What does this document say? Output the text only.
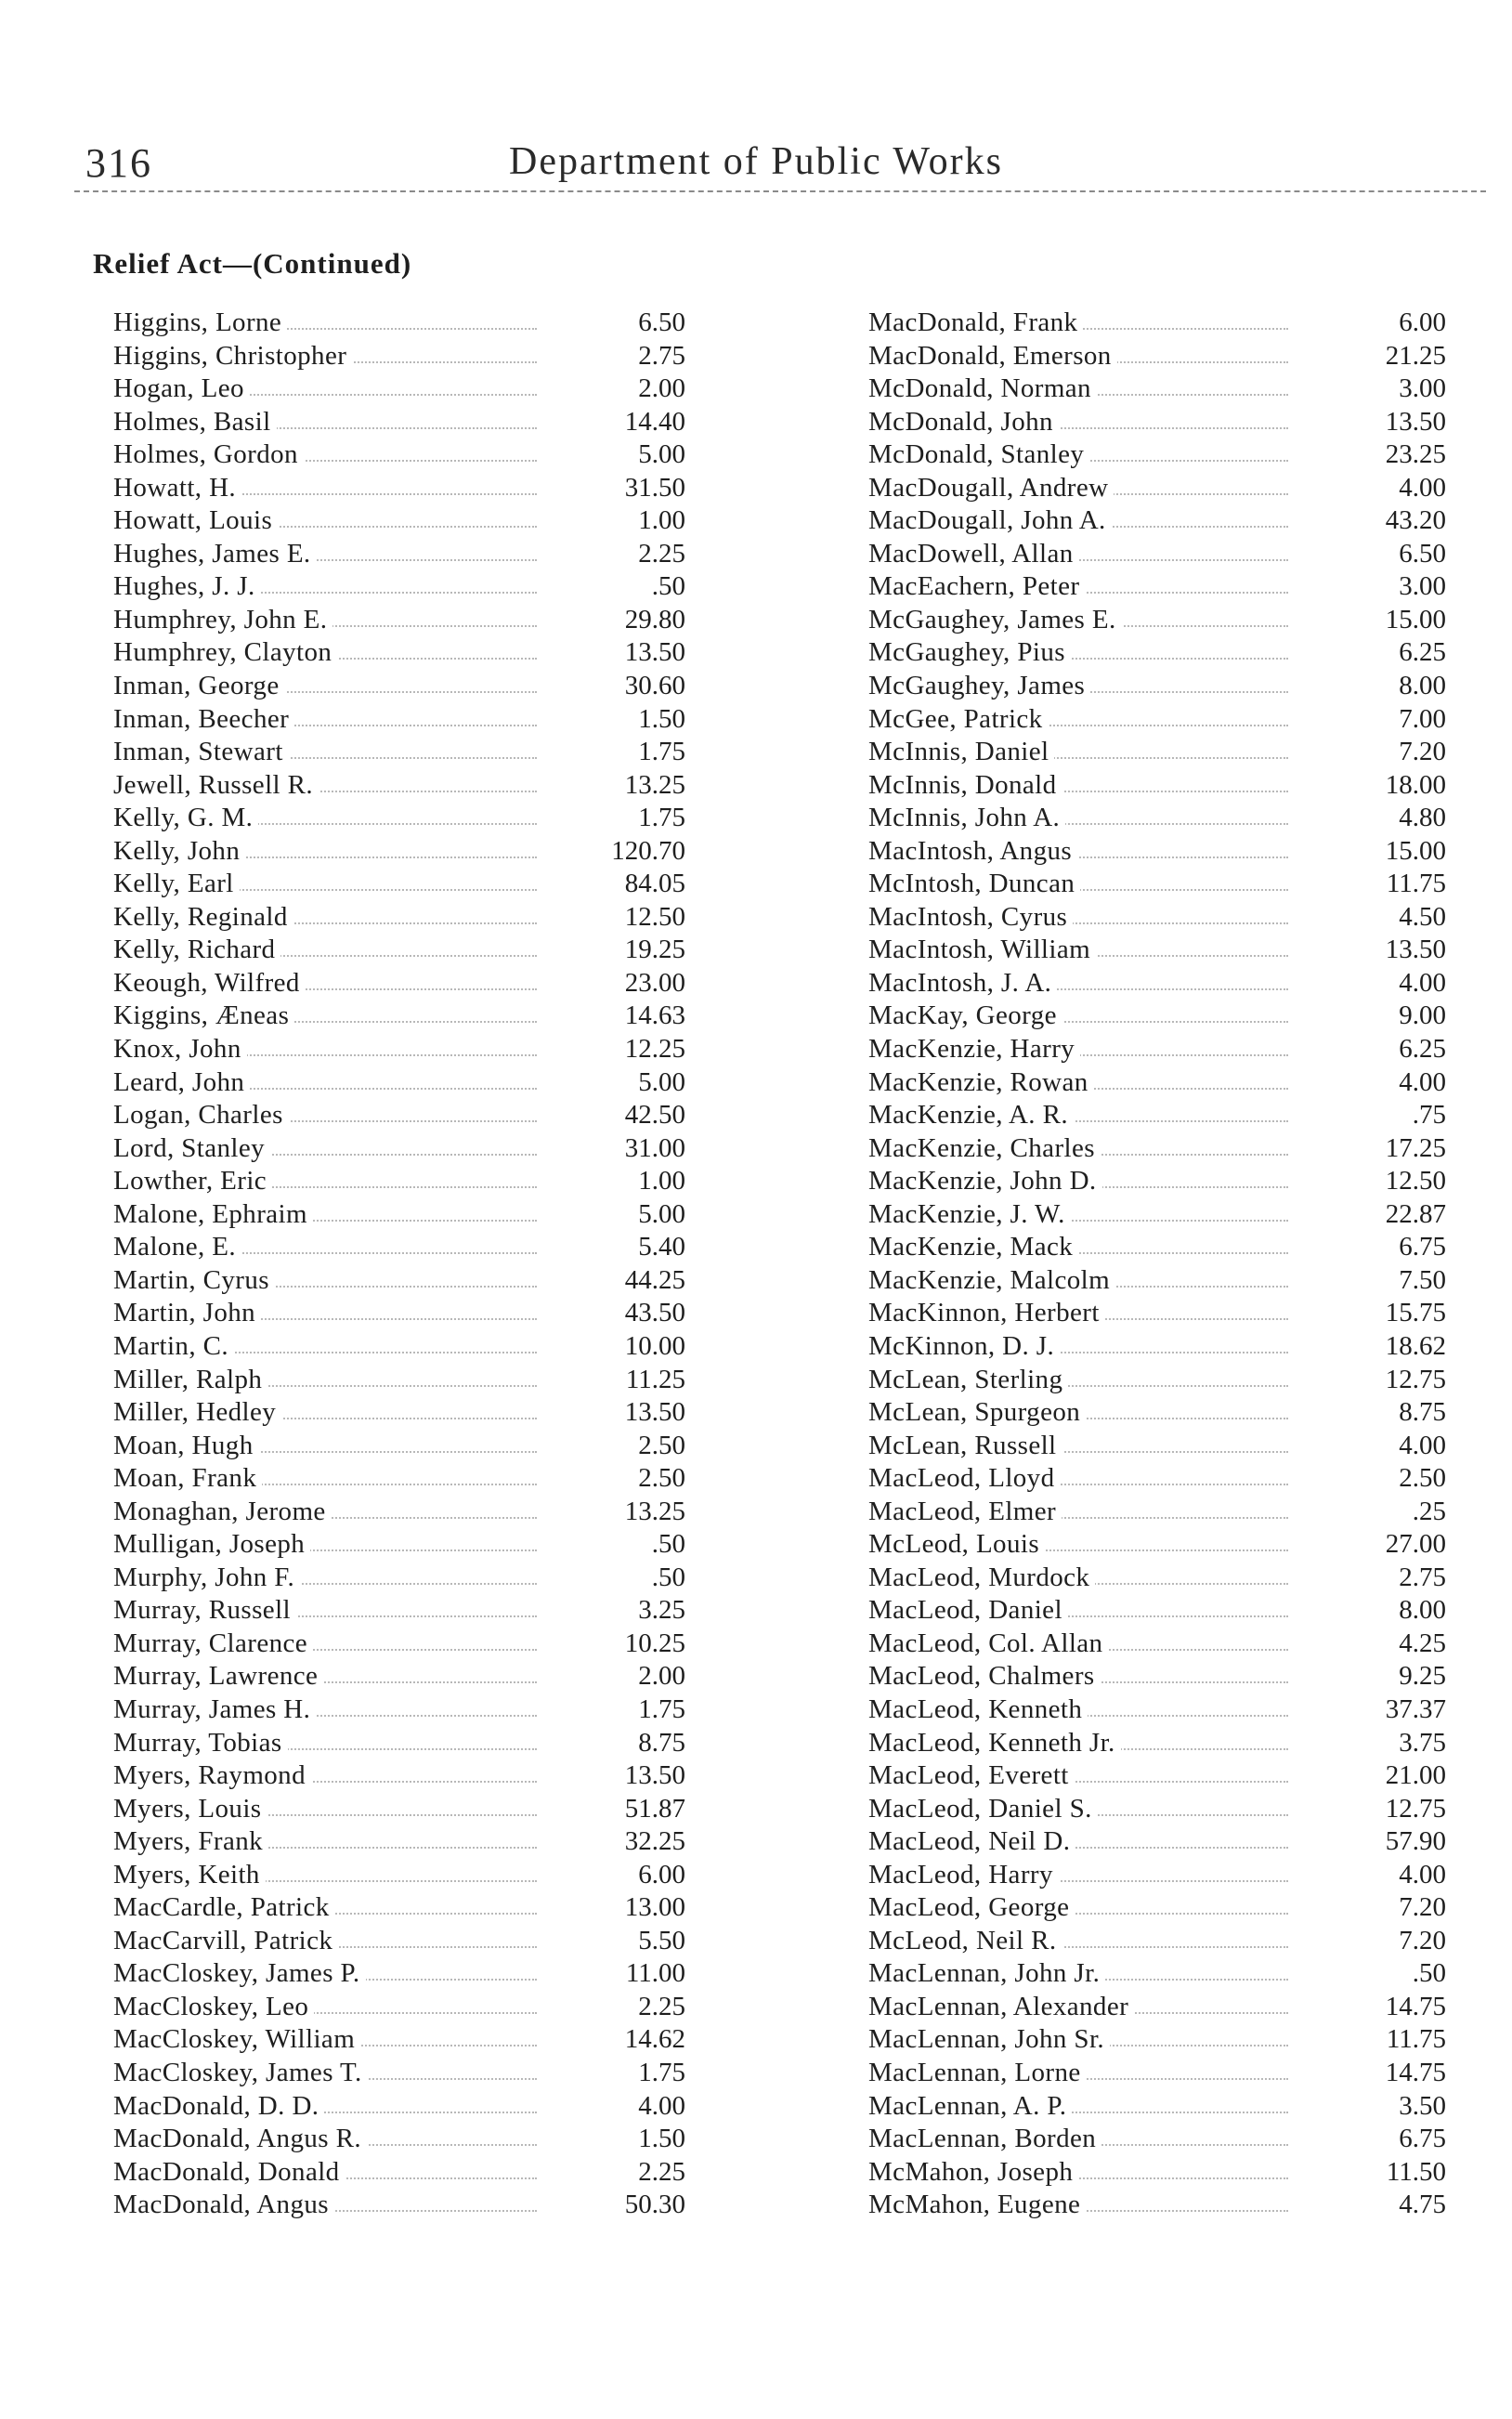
316	Department of Public Works
Relief Act—(Continued)
Higgins, Lorne	6.50
Higgins, Christopher	2.75
Hogan, Leo	2.00
Holmes, Basil	14.40
Holmes, Gordon	5.00
Howatt, H.	31.50
Howatt, Louis	1.00
Hughes, James E.	2.25
Hughes, J. J.	.50
Humphrey, John E.	29.80
Humphrey, Clayton	13.50
Inman, George	30.60
Inman, Beecher	1.50
Inman, Stewart	1.75
Jewell, Russell R.	13.25
Kelly, G. M.	1.75
Kelly, John	120.70
Kelly, Earl	84.05
Kelly, Reginald	12.50
Kelly, Richard	19.25
Keough, Wilfred	23.00
Kiggins, Æneas	14.63
Knox, John	12.25
Leard, John	5.00
Logan, Charles	42.50
Lord, Stanley	31.00
Lowther, Eric	1.00
Malone, Ephraim	5.00
Malone, E.	5.40
Martin, Cyrus	44.25
Martin, John	43.50
Martin, C.	10.00
Miller, Ralph	11.25
Miller, Hedley	13.50
Moan, Hugh	2.50
Moan, Frank	2.50
Monaghan, Jerome	13.25
Mulligan, Joseph	.50
Murphy, John F.	.50
Murray, Russell	3.25
Murray, Clarence	10.25
Murray, Lawrence	2.00
Murray, James H.	1.75
Murray, Tobias	8.75
Myers, Raymond	13.50
Myers, Louis	51.87
Myers, Frank	32.25
Myers, Keith	6.00
MacCardle, Patrick	13.00
MacCarvill, Patrick	5.50
MacCloskey, James P.	11.00
MacCloskey, Leo	2.25
MacCloskey, William	14.62
MacCloskey, James T.	1.75
MacDonald, D. D.	4.00
MacDonald, Angus R.	1.50
MacDonald, Donald	2.25
MacDonald, Angus	50.30
MacDonald, Frank	6.00
MacDonald, Emerson	21.25
McDonald, Norman	3.00
McDonald, John	13.50
McDonald, Stanley	23.25
MacDougall, Andrew	4.00
MacDougall, John A.	43.20
MacDowell, Allan	6.50
MacEachern, Peter	3.00
McGaughey, James E.	15.00
McGaughey, Pius	6.25
McGaughey, James	8.00
McGee, Patrick	7.00
McInnis, Daniel	7.20
McInnis, Donald	18.00
McInnis, John A.	4.80
MacIntosh, Angus	15.00
McIntosh, Duncan	11.75
MacIntosh, Cyrus	4.50
MacIntosh, William	13.50
MacIntosh, J. A.	4.00
MacKay, George	9.00
MacKenzie, Harry	6.25
MacKenzie, Rowan	4.00
MacKenzie, A. R.	.75
MacKenzie, Charles	17.25
MacKenzie, John D.	12.50
MacKenzie, J. W.	22.87
MacKenzie, Mack	6.75
MacKenzie, Malcolm	7.50
MacKinnon, Herbert	15.75
McKinnon, D. J.	18.62
McLean, Sterling	12.75
McLean, Spurgeon	8.75
McLean, Russell	4.00
MacLeod, Lloyd	2.50
MacLeod, Elmer	.25
McLeod, Louis	27.00
MacLeod, Murdock	2.75
MacLeod, Daniel	8.00
MacLeod, Col. Allan	4.25
MacLeod, Chalmers	9.25
MacLeod, Kenneth	37.37
MacLeod, Kenneth Jr.	3.75
MacLeod, Everett	21.00
MacLeod, Daniel S.	12.75
MacLeod, Neil D.	57.90
MacLeod, Harry	4.00
MacLeod, George	7.20
McLeod, Neil R.	7.20
MacLennan, John Jr.	.50
MacLennan, Alexander	14.75
MacLennan, John Sr.	11.75
MacLennan, Lorne	14.75
MacLennan, A. P.	3.50
MacLennan, Borden	6.75
McMahon, Joseph	11.50
McMahon, Eugene	4.75
